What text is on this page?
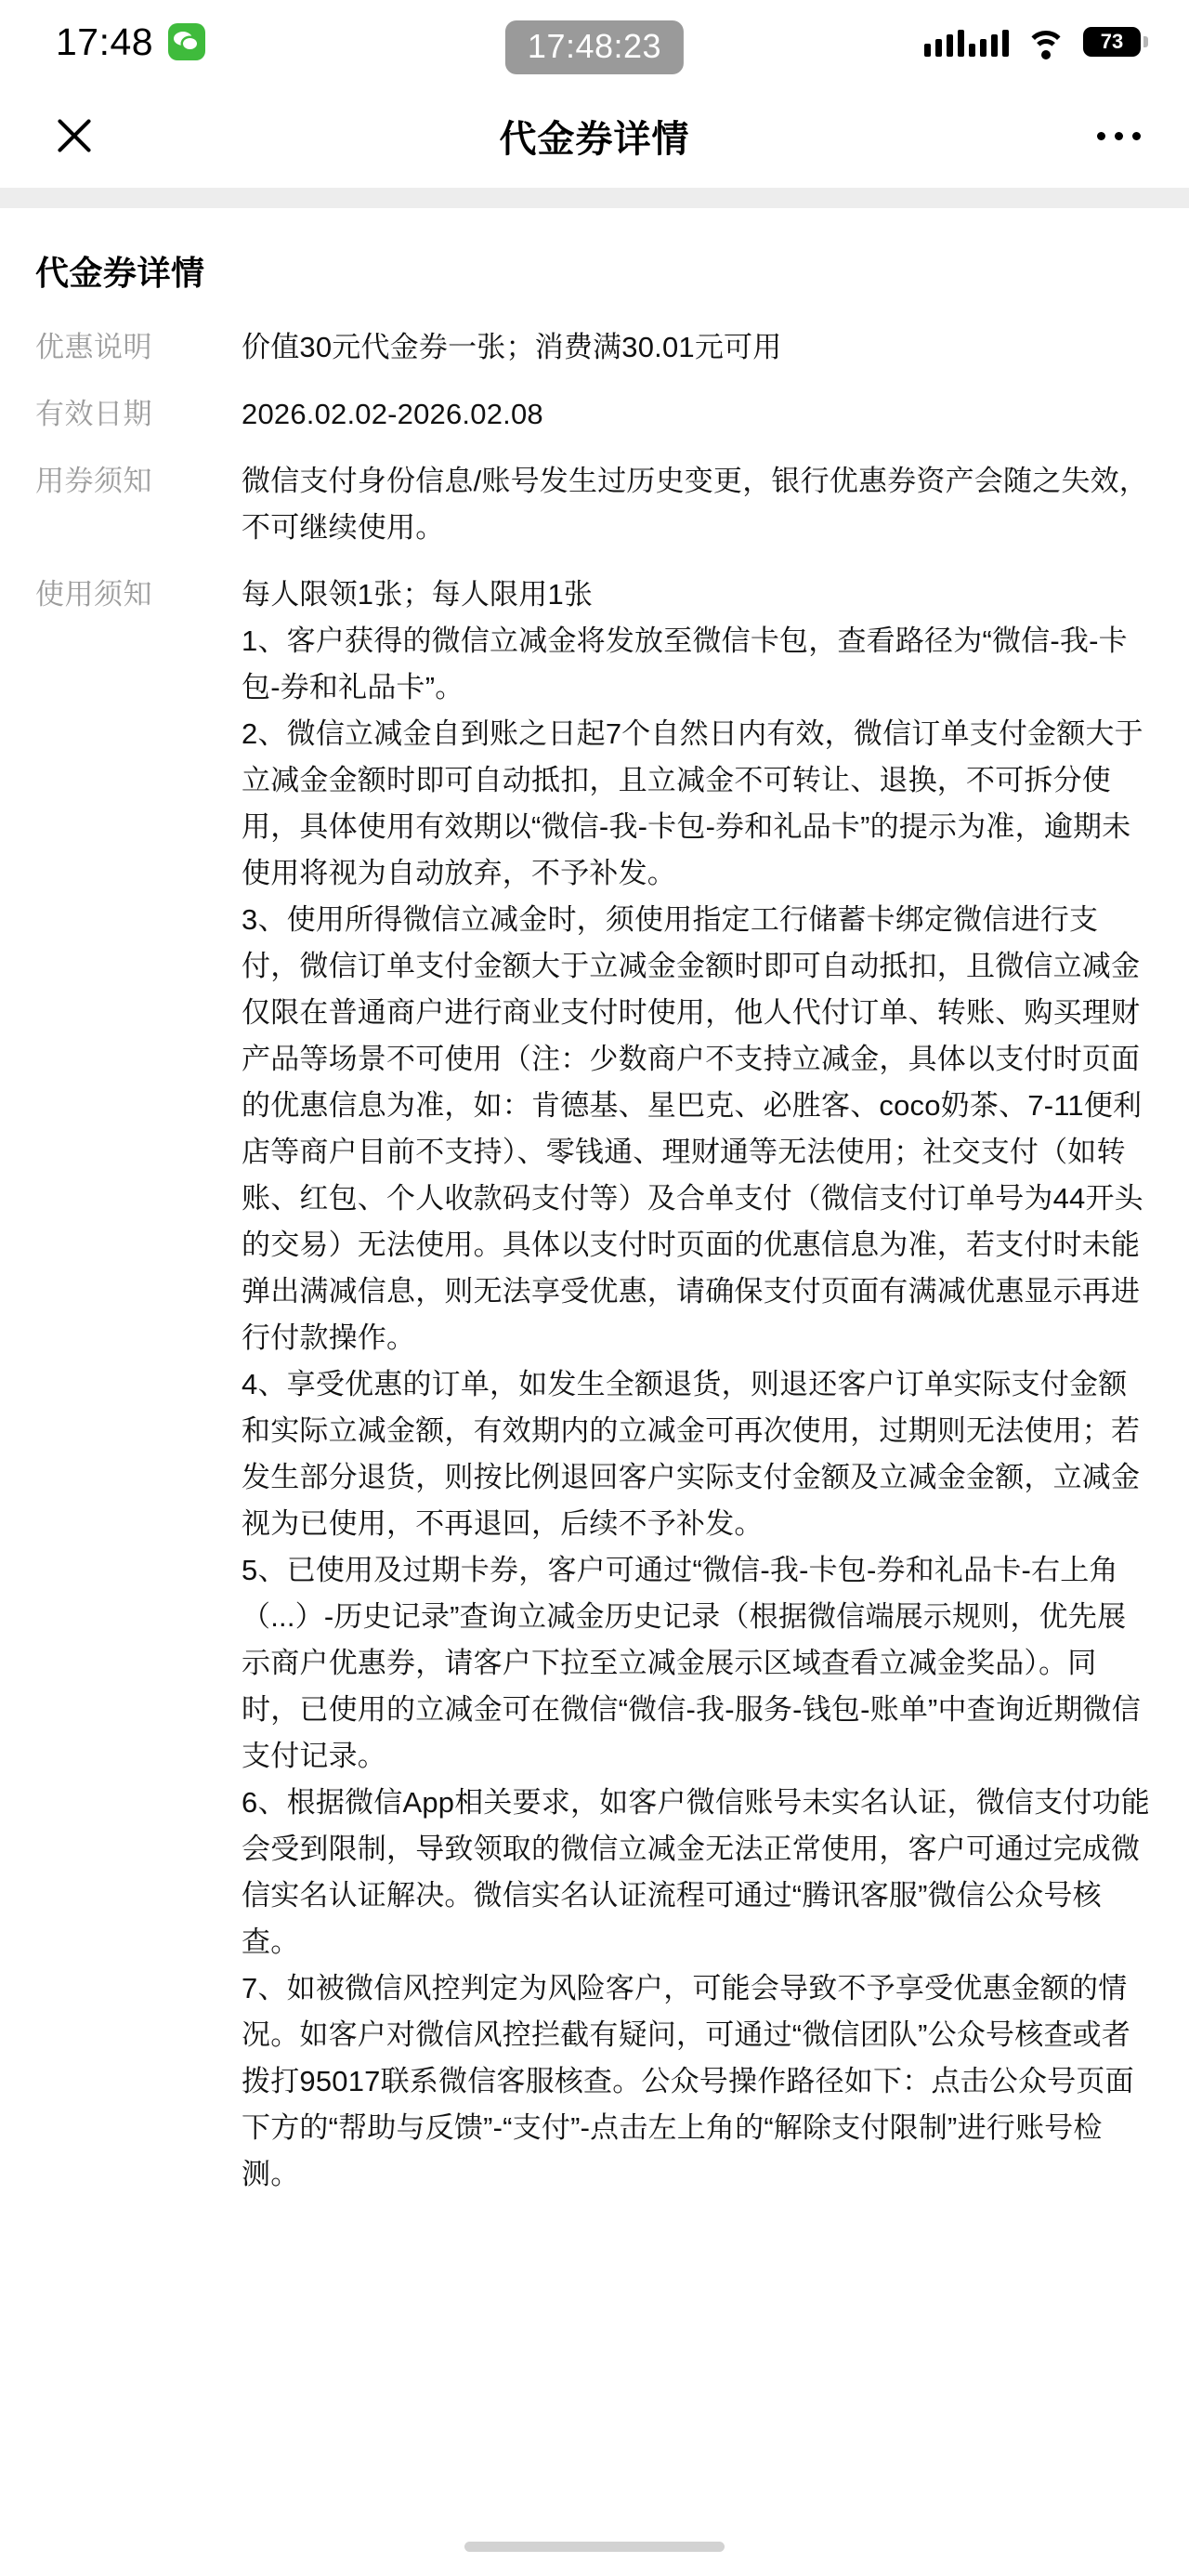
17:48	17:48:23	73
代金券详情
代金券详情
优惠说明	价值30元代金券一张；消费满30.01元可用
有效日期	2026.02.02-2026.02.08
用券须知	微信支付身份信息/账号发生过历史变更，银行优惠券资产会随之失效，不可继续使用。
使用须知	每人限领1张；每人限用1张
1、客户获得的微信立减金将发放至微信卡包，查看路径为“微信-我-卡包-券和礼品卡”。
2、微信立减金自到账之日起7个自然日内有效，微信订单支付金额大于立减金金额时即可自动抵扣，且立减金不可转让、退换，不可拆分使用，具体使用有效期以“微信-我-卡包-券和礼品卡”的提示为准，逾期未使用将视为自动放弃，不予补发。
3、使用所得微信立减金时，须使用指定工行储蓄卡绑定微信进行支付，微信订单支付金额大于立减金金额时即可自动抵扣，且微信立减金仅限在普通商户进行商业支付时使用，他人代付订单、转账、购买理财产品等场景不可使用（注：少数商户不支持立减金，具体以支付时页面的优惠信息为准，如：肯德基、星巴克、必胜客、coco奶茶、7-11便利店等商户目前不支持）、零钱通、理财通等无法使用；社交支付（如转账、红包、个人收款码支付等）及合单支付（微信支付订单号为44开头的交易）无法使用。具体以支付时页面的优惠信息为准，若支付时未能弹出满减信息，则无法享受优惠，请确保支付页面有满减优惠显示再进行付款操作。
4、享受优惠的订单，如发生全额退货，则退还客户订单实际支付金额和实际立减金额，有效期内的立减金可再次使用，过期则无法使用；若发生部分退货，则按比例退回客户实际支付金额及立减金金额，立减金视为已使用，不再退回，后续不予补发。
5、已使用及过期卡券，客户可通过“微信-我-卡包-券和礼品卡-右上角（...）-历史记录”查询立减金历史记录（根据微信端展示规则，优先展示商户优惠券，请客户下拉至立减金展示区域查看立减金奖品）。同时，已使用的立减金可在微信“微信-我-服务-钱包-账单”中查询近期微信支付记录。
6、根据微信App相关要求，如客户微信账号未实名认证，微信支付功能会受到限制，导致领取的微信立减金无法正常使用，客户可通过完成微信实名认证解决。微信实名认证流程可通过“腾讯客服”微信公众号核查。
7、如被微信风控判定为风险客户，可能会导致不予享受优惠金额的情况。如客户对微信风控拦截有疑问，可通过“微信团队”公众号核查或者拨打95017联系微信客服核查。公众号操作路径如下：点击公众号页面下方的“帮助与反馈”-“支付”-点击左上角的“解除支付限制”进行账号检测。
